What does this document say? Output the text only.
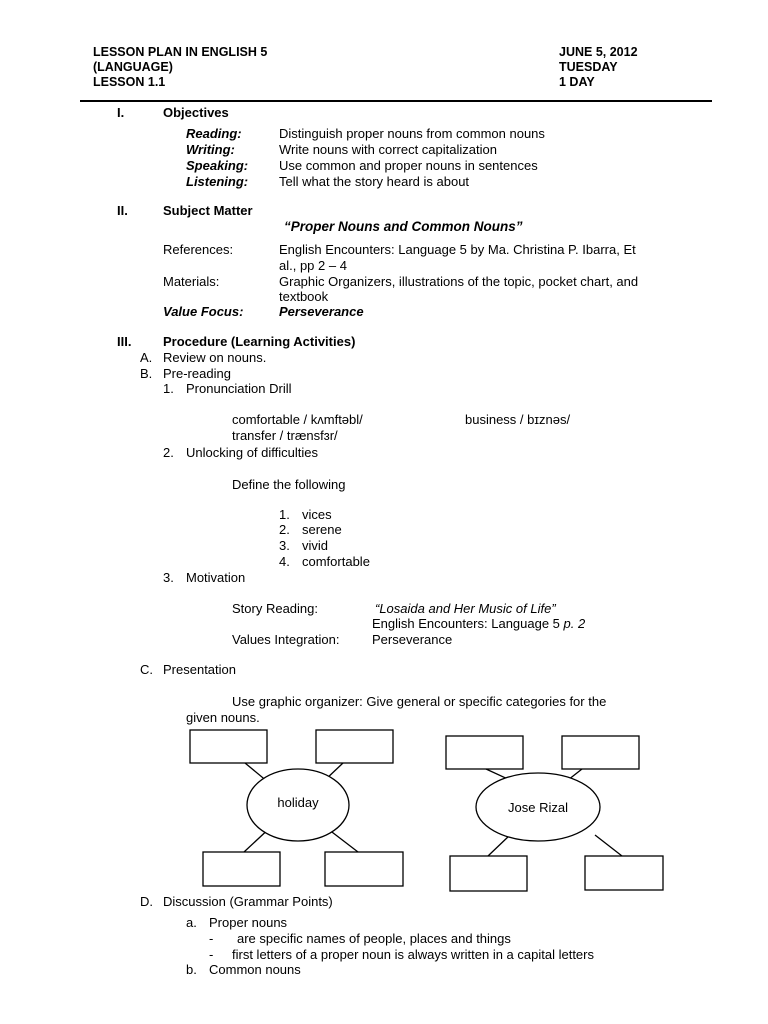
LESSON PLAN IN ENGLISH 5
(LANGUAGE)
LESSON 1.1
JUNE 5, 2012
TUESDAY
1 DAY
I.	Objectives
Reading:	Distinguish proper nouns from common nouns
Writing:	Write nouns with correct capitalization
Speaking: Use common and proper nouns in sentences
Listening: Tell what the story heard is about
II.	Subject Matter
“Proper Nouns and Common Nouns”
References:	English Encounters: Language 5 by Ma. Christina P. Ibarra, Et
al., pp 2 – 4
Materials:	Graphic Organizers, illustrations of the topic, pocket chart, and
textbook
Value Focus:	Perseverance
III. Procedure (Learning Activities)
A. Review on nouns.
B. Pre-reading
1. Pronunciation Drill
comfortable / kʌmftəbl/	business / bɪznəs/
transfer / trænsfɜr/
2. Unlocking of difficulties
Define the following
1. vices
2. serene
3. vivid
4. comfortable
3. Motivation
Story Reading:	“Losaida and Her Music of Life”
English Encounters: Language 5 p. 2
Values Integration:	Perseverance
C. Presentation
Use graphic organizer: Give general or specific categories for the
given nouns.
holiday	Jose Rizal
D. Discussion (Grammar Points)
a. Proper nouns
- are specific names of people, places and things
- first letters of a proper noun is always written in a capital letters
b. Common nouns
